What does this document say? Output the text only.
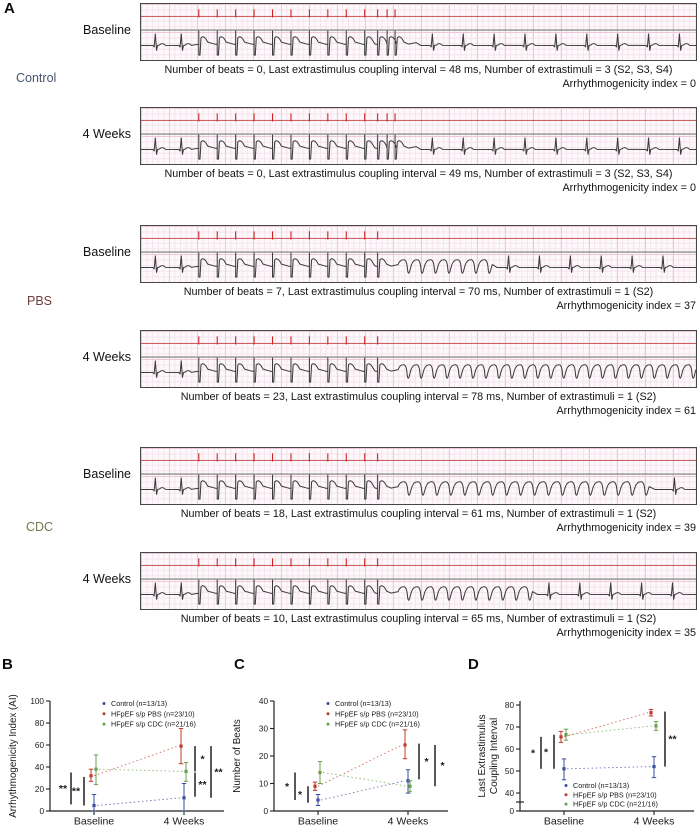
A
Control
PBS
CDC
Baseline
Number of beats = 0, Last extrastimulus coupling interval = 48 ms, Number of extrastimuli = 3 (S2, S3, S4)
Arrhythmogenicity index = 0
4 Weeks
Number of beats = 0, Last extrastimulus coupling interval = 49 ms, Number of extrastimuli = 3 (S2, S3, S4)
Arrhythmogenicity index = 0
Baseline
Number of beats = 7, Last extrastimulus coupling interval = 70 ms, Number of extrastimuli = 1 (S2)
Arrhythmogenicity index = 37
4 Weeks
Number of beats = 23, Last extrastimulus coupling interval = 78 ms, Number of extrastimuli = 1 (S2)
Arrhythmogenicity index = 61
Baseline
Number of beats = 18, Last extrastimulus coupling interval = 61 ms, Number of extrastimuli = 1 (S2)
Arrhythmogenicity index = 39
4 Weeks
Number of beats = 10, Last extrastimulus coupling interval = 65 ms, Number of extrastimuli = 1 (S2)
Arrhythmogenicity index = 35
B	C	D
0
20
40
60
80
100
Baseline	4 Weeks
Arrhythmogenicity Index (AI)	Control (n=13/13)
HFpEF s/p PBS (n=23/10)
HFpEF s/p CDC (n=21/16)
** **
*
**
**
0
10
20
30
40
Baseline	4 Weeks
Number of Beats
Control (n=13/13)
HFpEF s/p PBS (n=23/10)
HFpEF s/p CDC (n=21/16)
*
*
* *
0
40
50
60
70
80
Baseline	4 Weeks
Last Extrastimulus Coupling Interval	Control (n=13/13)
HFpEF s/p PBS (n=23/10)
HFpEF s/p CDC (n=21/16)
* *
**
